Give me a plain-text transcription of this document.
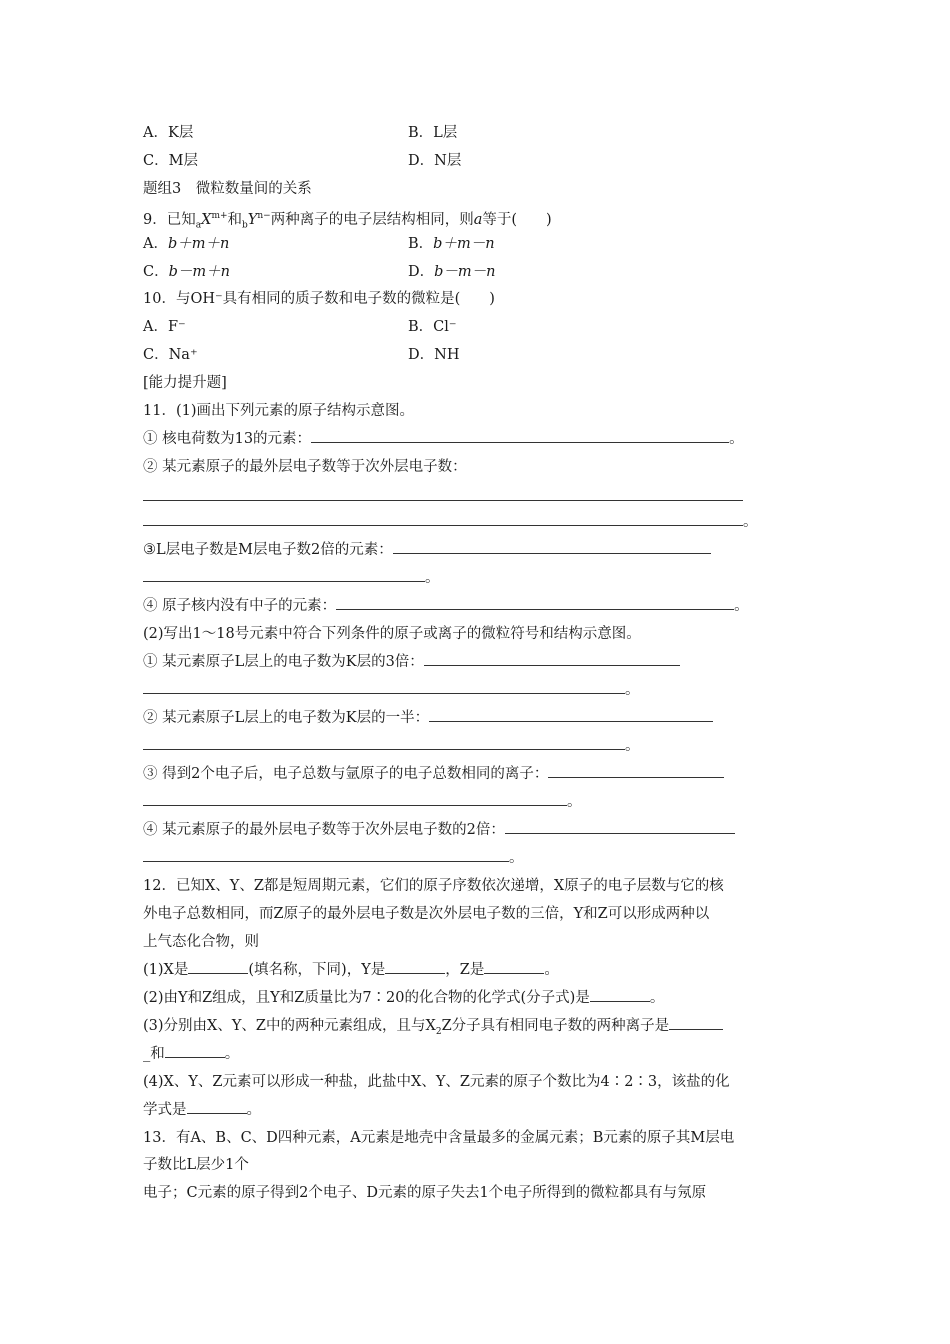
A．K层	B．L层
C．M层	D．N层
题组3　微粒数量间的关系
9．已知$_aX^{m+}$和$_bY^{n-}$两种离子的电子层结构相同，则a等于(　　)
A．b＋m＋n	B．b＋m－n
C．b－m＋n	D．b－m－n
10．与OH⁻具有相同的质子数和电子数的微粒是(　　)
A．F⁻	B．Cl⁻
C．Na⁺	D．NH
[能力提升题]
11．(1)画出下列元素的原子结构示意图。
① 核电荷数为13的元素：	。
② 某元素原子的最外层电子数等于次外层电子数：
。
③L层电子数是M层电子数2倍的元素：
。
④ 原子核内没有中子的元素：	。
(2)写出1～18号元素中符合下列条件的原子或离子的微粒符号和结构示意图。
① 某元素原子L层上的电子数为K层的3倍：
。
② 某元素原子L层上的电子数为K层的一半：
。
③ 得到2个电子后，电子总数与氩原子的电子总数相同的离子：
。
④ 某元素原子的最外层电子数等于次外层电子数的2倍：
。
12．已知X、Y、Z都是短周期元素，它们的原子序数依次递增，X原子的电子层数与它的核
外电子总数相同，而Z原子的最外层电子数是次外层电子数的三倍，Y和Z可以形成两种以
上气态化合物，则
(1)X是	(填名称，下同)，Y是	，Z是	。
(2)由Y和Z组成，且Y和Z质量比为7∶20的化合物的化学式(分子式)是	。
(3)分别由X、Y、Z中的两种元素组成，且与$X_2Z$分子具有相同电子数的两种离子是
_和	。
(4)X、Y、Z元素可以形成一种盐，此盐中X、Y、Z元素的原子个数比为4∶2∶3，该盐的化
学式是	。
13．有A、B、C、D四种元素，A元素是地壳中含量最多的金属元素；B元素的原子其M层电
子数比L层少1个
电子；C元素的原子得到2个电子、D元素的原子失去1个电子所得到的微粒都具有与氖原
